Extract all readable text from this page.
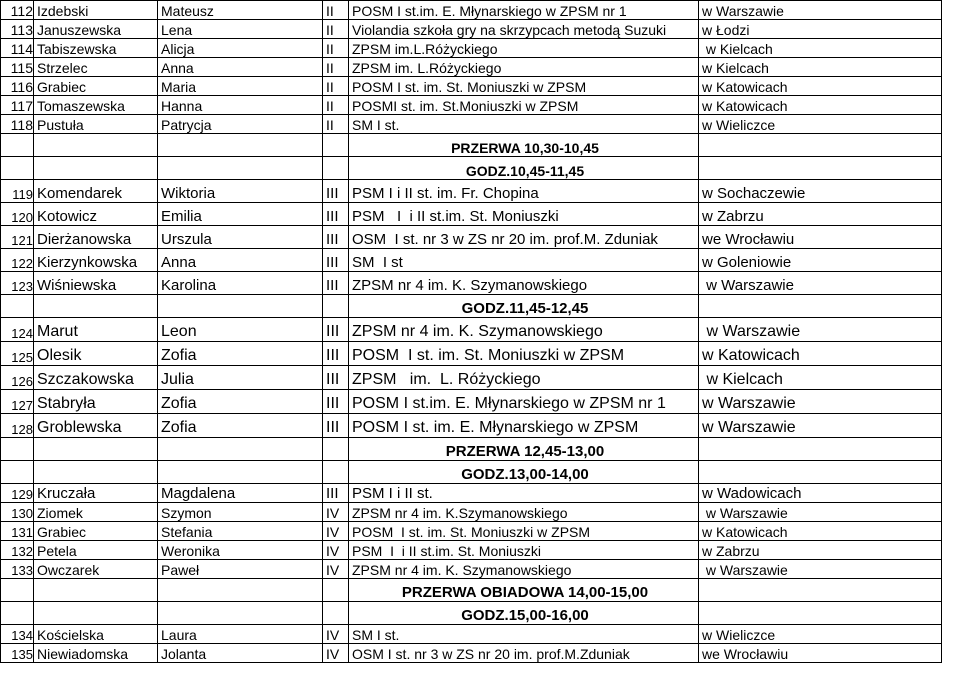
112	Izdebski	Mateusz	II	POSM I st.im. E. Młynarskiego w ZPSM nr 1	w Warszawie
113	Januszewska	Lena	II	Violandia szkoła gry na skrzypcach metodą Suzuki	w Łodzi
114	Tabiszewska	Alicja	II	ZPSM im.L.Różyckiego	w Kielcach
115	Strzelec	Anna	II	ZPSM im. L.Różyckiego	w Kielcach
116	Grabiec	Maria	II	POSM I st. im. St. Moniuszki w ZPSM	w Katowicach
117	Tomaszewska	Hanna	II	POSMI st. im. St.Moniuszki w ZPSM	w Katowicach
118	Pustuła	Patrycja	II	SM I st.	w Wieliczce
				PRZERWA 10,30-10,45	
				GODZ.10,45-11,45	
119	Komendarek	Wiktoria	III	PSM I i II st. im. Fr. Chopina	w Sochaczewie
120	Kotowicz	Emilia	III	PSM   I  i II st.im. St. Moniuszki	w Zabrzu
121	Dierżanowska	Urszula	III	OSM  I st. nr 3 w ZS nr 20 im. prof.M. Zduniak	we Wrocławiu
122	Kierzynkowska	Anna	III	SM  I st	w Goleniowie
123	Wiśniewska	Karolina	III	ZPSM nr 4 im. K. Szymanowskiego	w Warszawie
				GODZ.11,45-12,45	
124	Marut	Leon	III	ZPSM nr 4 im. K. Szymanowskiego	w Warszawie
125	Olesik	Zofia	III	POSM  I st. im. St. Moniuszki w ZPSM	w Katowicach
126	Szczakowska	Julia	III	ZPSM   im.  L. Różyckiego	w Kielcach
127	Stabryła	Zofia	III	POSM I st.im. E. Młynarskiego w ZPSM nr 1	w Warszawie
128	Groblewska	Zofia	III	POSM I st. im. E. Młynarskiego w ZPSM	w Warszawie
				PRZERWA 12,45-13,00	
				GODZ.13,00-14,00	
129	Kruczała	Magdalena	III	PSM I i II st.	w Wadowicach
130	Ziomek	Szymon	IV	ZPSM nr 4 im. K.Szymanowskiego	w Warszawie
131	Grabiec	Stefania	IV	POSM  I st. im. St. Moniuszki w ZPSM	w Katowicach
132	Petela	Weronika	IV	PSM  I  i II st.im. St. Moniuszki	w Zabrzu
133	Owczarek	Paweł	IV	ZPSM nr 4 im. K. Szymanowskiego	w Warszawie
				PRZERWA OBIADOWA 14,00-15,00	
				GODZ.15,00-16,00	
134	Kościelska	Laura	IV	SM I st.	w Wieliczce
135	Niewiadomska	Jolanta	IV	OSM I st. nr 3 w ZS nr 20 im. prof.M.Zduniak	we Wrocławiu
